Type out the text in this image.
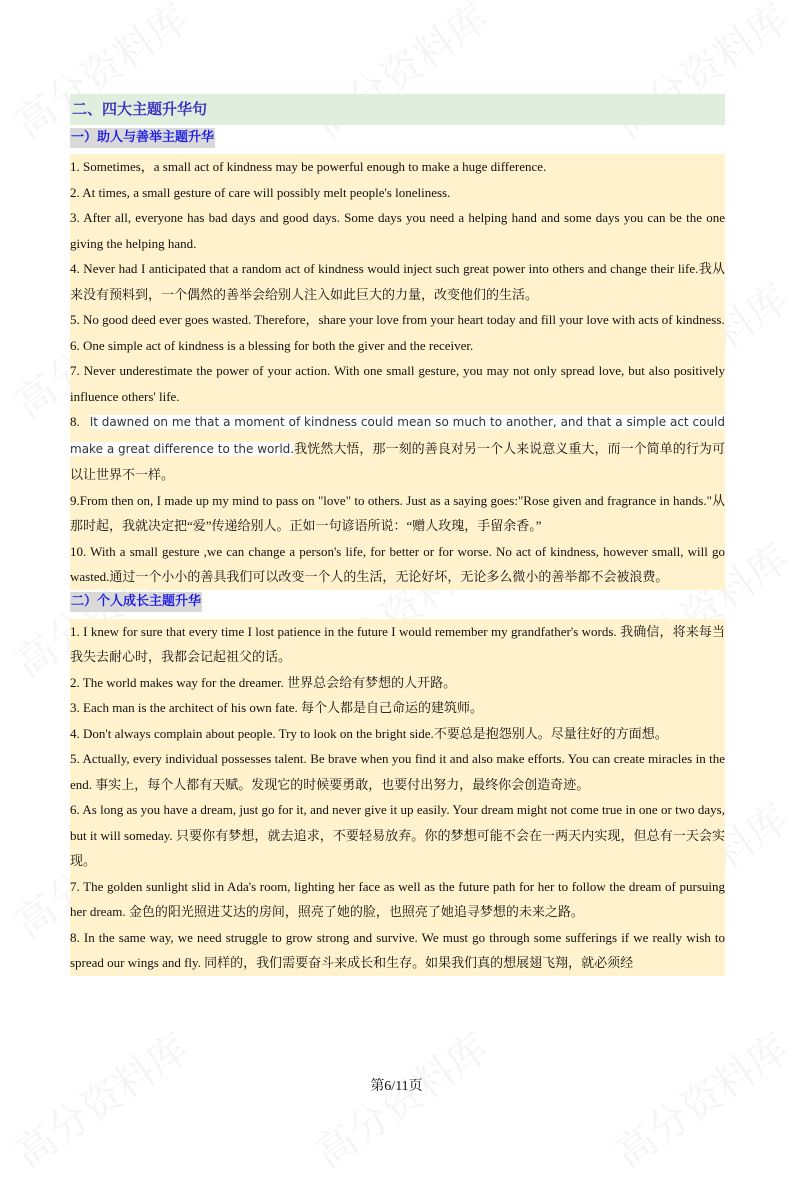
二、四大主题升华句
一）助人与善举主题升华
1. Sometimes，a small act of kindness may be powerful enough to make a huge difference.
2. At times, a small gesture of care will possibly melt people's loneliness.
3. After all, everyone has bad days and good days. Some days you need a helping hand and some days you can be the one giving the helping hand.
4. Never had I anticipated that a random act of kindness would inject such great power into others and change their life.我从来没有预料到，一个偶然的善举会给别人注入如此巨大的力量，改变他们的生活。
5. No good deed ever goes wasted. Therefore，share your love from your heart today and fill your love with acts of kindness.
6. One simple act of kindness is a blessing for both the giver and the receiver.
7. Never underestimate the power of your action. With one small gesture, you may not only spread love, but also positively influence others' life.
8.   It dawned on me that a moment of kindness could mean so much to another, and that a simple act could make a great difference to the world.我恍然大悟，那一刻的善良对另一个人来说意义重大，而一个简单的行为可以让世界不一样。
9.From then on, I made up my mind to pass on "love" to others. Just as a saying goes:"Rose given and fragrance in hands."从那时起，我就决定把“爱”传递给别人。正如一句谚语所说：“赠人玫瑰，手留余香。”
10. With a small gesture ,we can change a person's life, for better or for worse. No act of kindness, however small, will go wasted.通过一个小小的善具我们可以改变一个人的生活，无论好坏，无论多么微小的善举都不会被浪费。
二）个人成长主题升华
1. I knew for sure that every time I lost patience in the future I would remember my grandfather's words. 我确信，将来每当我失去耐心时，我都会记起祖父的话。
2. The world makes way for the dreamer. 世界总会给有梦想的人开路。
3. Each man is the architect of his own fate. 每个人都是自己命运的建筑师。
4. Don't always complain about people. Try to look on the bright side.不要总是抱怨别人。尽量往好的方面想。
5. Actually, every individual possesses talent. Be brave when you find it and also make efforts. You can create miracles in the end. 事实上，每个人都有天赋。发现它的时候要勇敢，也要付出努力，最终你会创造奇迹。
6. As long as you have a dream, just go for it, and never give it up easily. Your dream might not come true in one or two days, but it will someday. 只要你有梦想，就去追求，不要轻易放弃。你的梦想可能不会在一两天内实现，但总有一天会实现。
7. The golden sunlight slid in Ada's room, lighting her face as well as the future path for her to follow the dream of pursuing her dream. 金色的阳光照进艾达的房间，照亮了她的脸，也照亮了她追寻梦想的未来之路。
8. In the same way, we need struggle to grow strong and survive. We must go through some sufferings if we really wish to spread our wings and fly. 同样的，我们需要奋斗来成长和生存。如果我们真的想展翅飞翔，就必须经
第6/11页
